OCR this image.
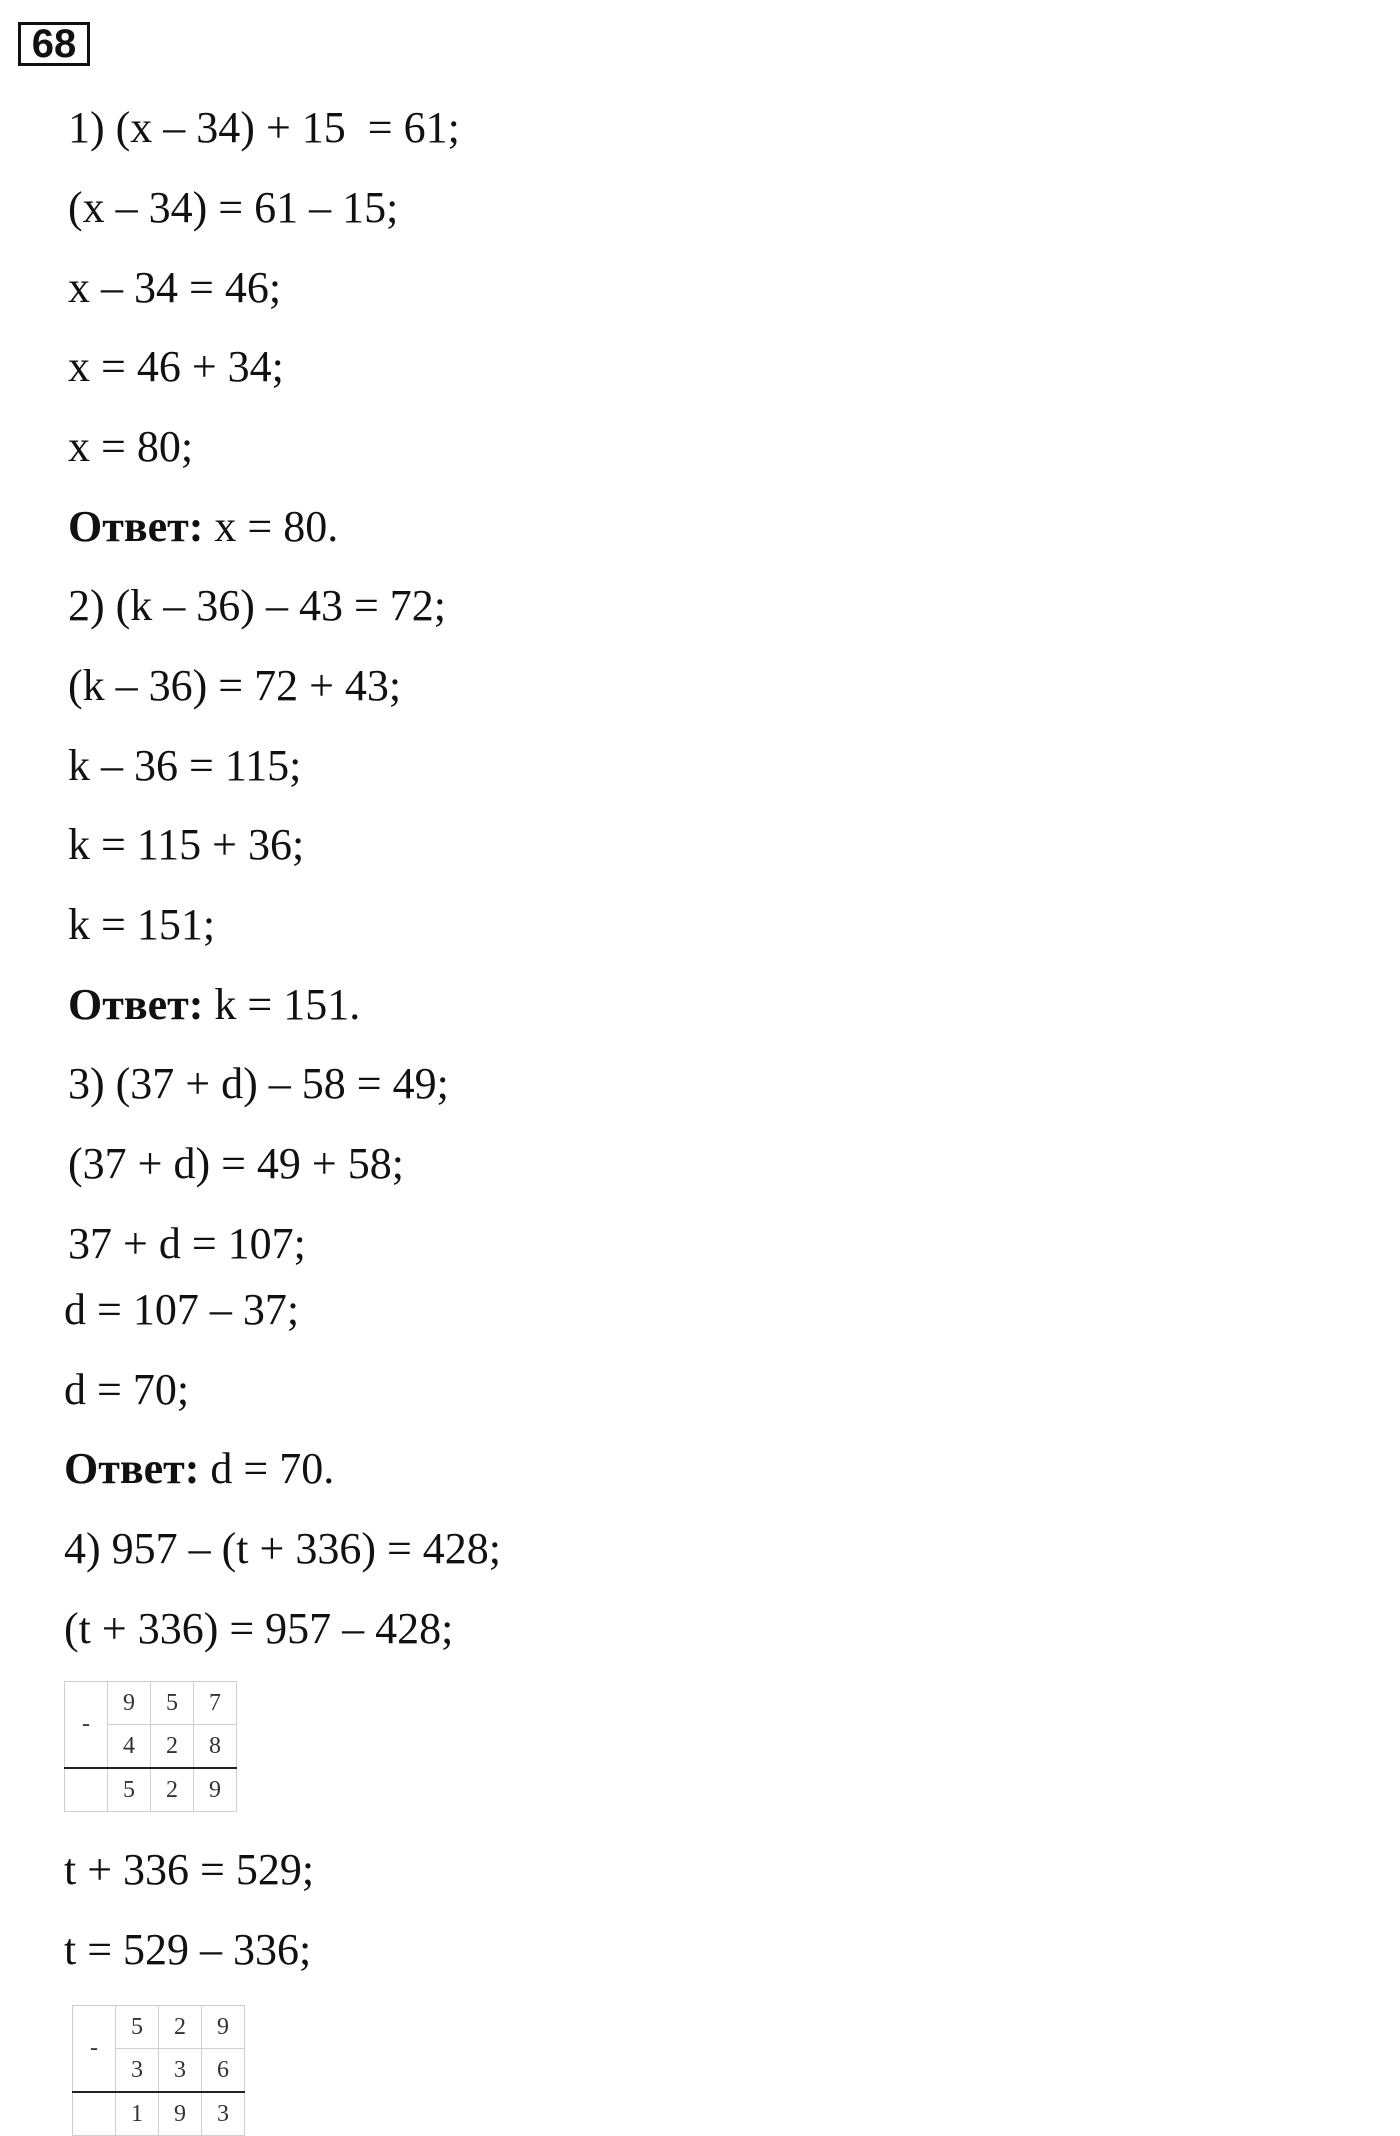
68
1) (x – 34) + 15  = 61;
(x – 34) = 61 – 15;
x – 34 = 46;
x = 46 + 34;
x = 80;
Ответ: x = 80.
2) (k – 36) – 43 = 72;
(k – 36) = 72 + 43;
k – 36 = 115;
k = 115 + 36;
k = 151;
Ответ: k = 151.
3) (37 + d) – 58 = 49;
(37 + d) = 49 + 58;
37 + d = 107;
d = 107 – 37;
d = 70;
Ответ: d = 70.
4) 957 – (t + 336) = 428;
(t + 336) = 957 – 428;
-	9	5	7
	4	2	8
	5	2	9
t + 336 = 529;
t = 529 – 336;
-	5	2	9
	3	3	6
	1	9	3
